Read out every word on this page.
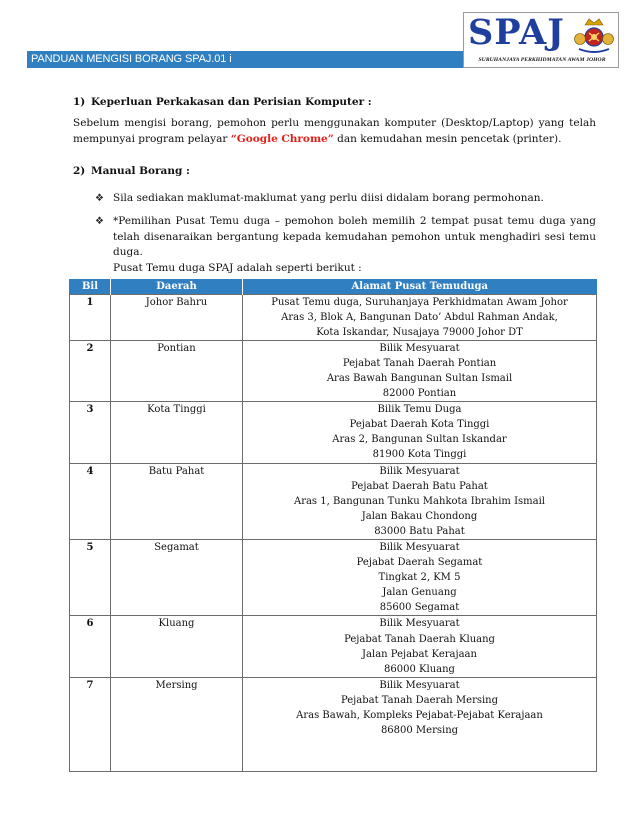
PANDUAN MENGISI BORANG SPAJ.01 i
SPAJ
SURUHANJAYA PERKHIDMATAN AWAM JOHOR
1) Keperluan Perkakasan dan Perisian Komputer :
Sebelum mengisi borang, pemohon perlu menggunakan komputer (Desktop/Laptop) yang telah mempunyai program pelayar “Google Chrome” dan kemudahan mesin pencetak (printer).
2) Manual Borang :
❖ Sila sediakan maklumat-maklumat yang perlu diisi didalam borang permohonan.
❖ *Pemilihan Pusat Temu duga – pemohon boleh memilih 2 tempat pusat temu duga yang telah disenaraikan bergantung kepada kemudahan pemohon untuk menghadiri sesi temu duga.
Pusat Temu duga SPAJ adalah seperti berikut :
Bil	Daerah	Alamat Pusat Temuduga
1	Johor Bahru	Pusat Temu duga, Suruhanjaya Perkhidmatan Awam Johor
Aras 3, Blok A, Bangunan Dato’ Abdul Rahman Andak,
Kota Iskandar, Nusajaya 79000 Johor DT

2	Pontian	Bilik Mesyuarat
Pejabat Tanah Daerah Pontian
Aras Bawah Bangunan Sultan Ismail
82000 Pontian

3	Kota Tinggi	Bilik Temu Duga
Pejabat Daerah Kota Tinggi
Aras 2, Bangunan Sultan Iskandar
81900 Kota Tinggi

4	Batu Pahat	Bilik Mesyuarat
Pejabat Daerah Batu Pahat
Aras 1, Bangunan Tunku Mahkota Ibrahim Ismail
Jalan Bakau Chondong
83000 Batu Pahat

5	Segamat	Bilik Mesyuarat
Pejabat Daerah Segamat
Tingkat 2, KM 5
Jalan Genuang
85600 Segamat

6	Kluang	Bilik Mesyuarat
Pejabat Tanah Daerah Kluang
Jalan Pejabat Kerajaan
86000 Kluang

7	Mersing	Bilik Mesyuarat
Pejabat Tanah Daerah Mersing
Aras Bawah, Kompleks Pejabat-Pejabat Kerajaan
86800 Mersing
